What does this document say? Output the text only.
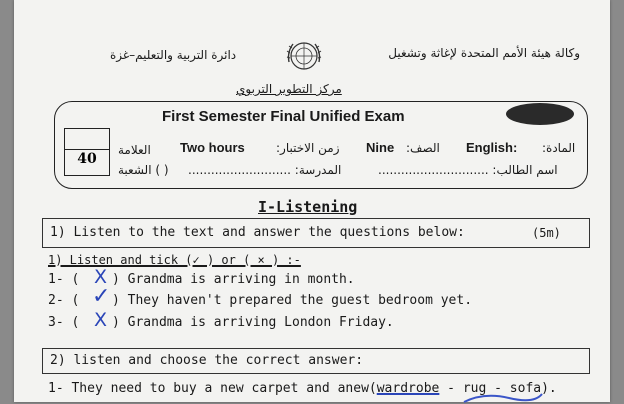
وكالة هيئة الأمم المتحدة لإغاثة وتشغيل
دائرة التربية والتعليم–غزة
مركز التطوير التربوي
First Semester Final Unified Exam
40
العلامة
الشعبة ( )
Two hours	زمن الاختبار: Nine الصف: English: المادة:
المدرسة: ...........................	اسم الطالب: .............................
I-Listening
1) Listen to the text and answer the questions below:	(5m)
1) Listen and tick (✓ ) or ( × ) :-
1- ( X ) Grandma is arriving in month.
2- ( ✓ ) They haven't prepared the guest bedroom yet.
3- ( X ) Grandma is arriving London Friday.
2) listen and choose the correct answer:
1- They need to buy a new carpet and anew(wardrobe - rug - sofa).
